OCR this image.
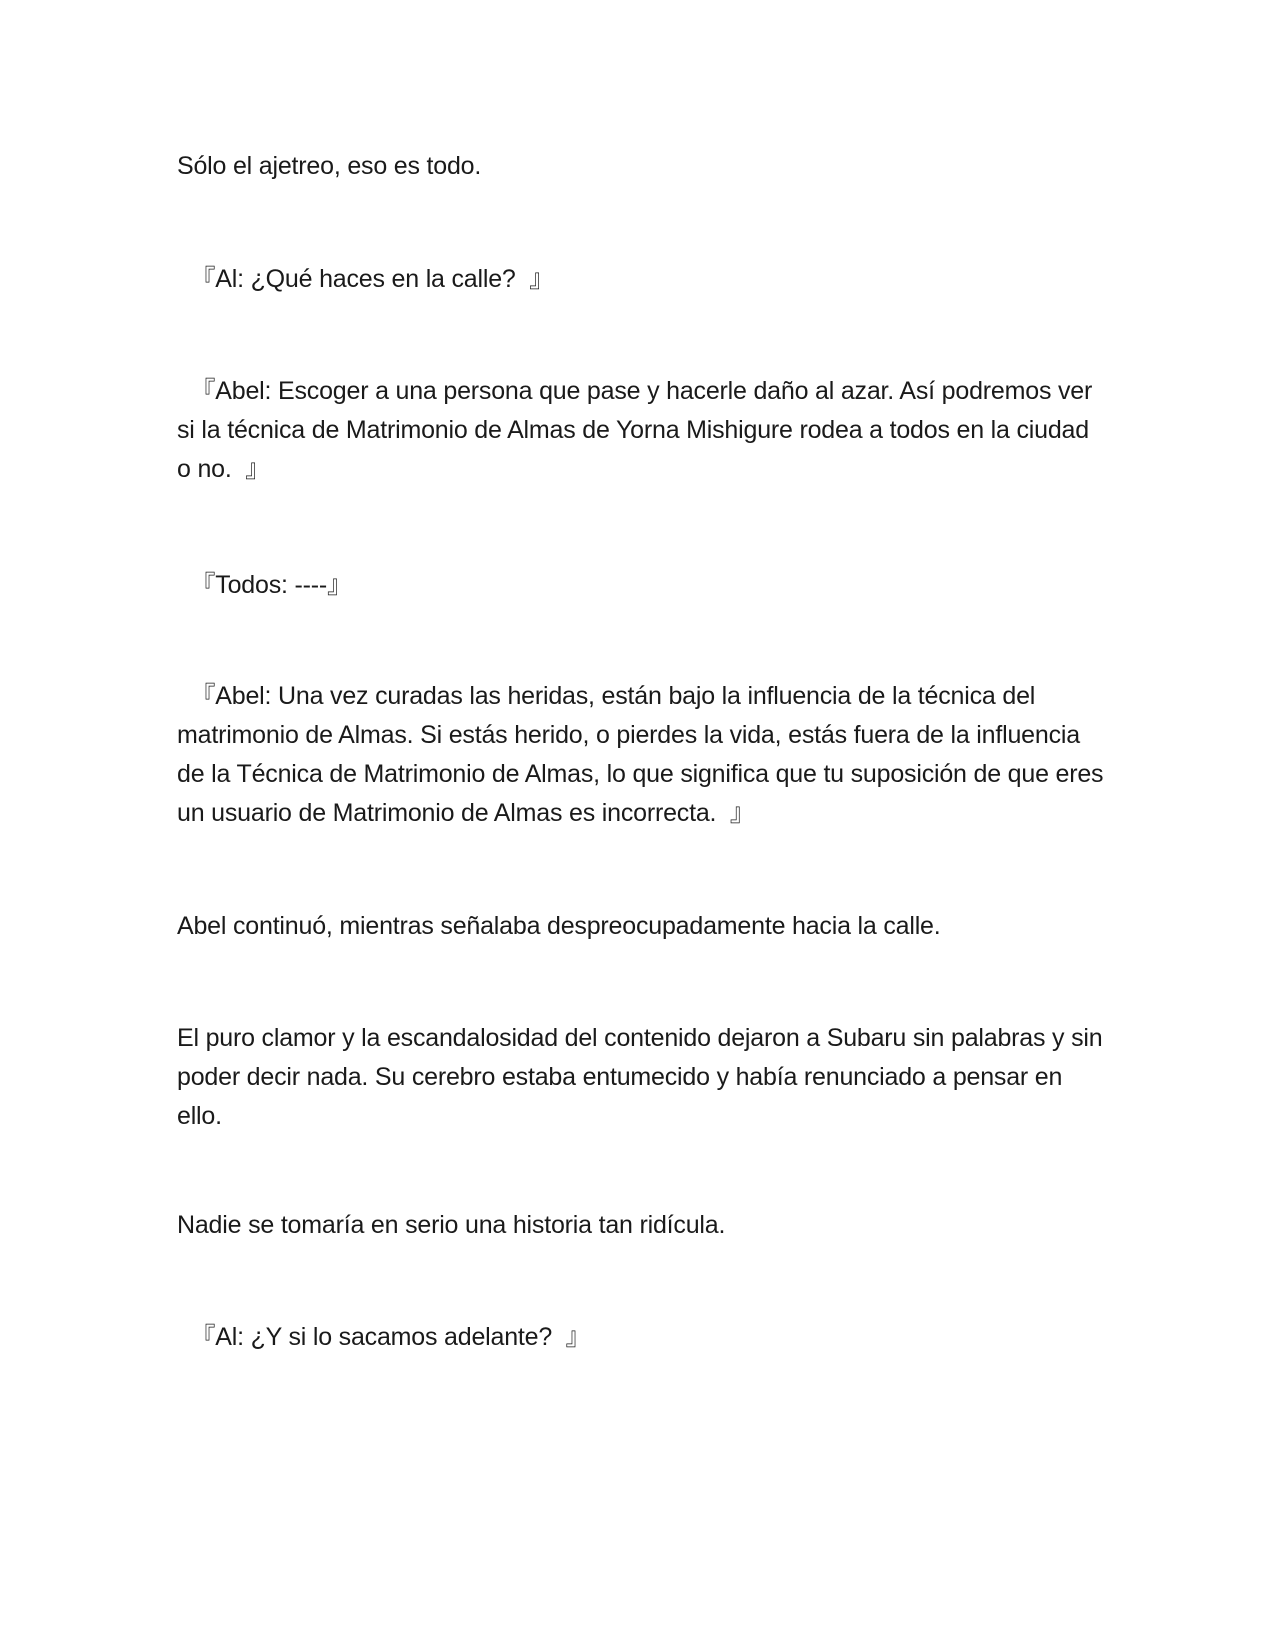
Sólo el ajetreo, eso es todo.

『Al: ¿Qué haces en la calle?  』

『Abel: Escoger a una persona que pase y hacerle daño al azar. Así podremos ver si la técnica de Matrimonio de Almas de Yorna Mishigure rodea a todos en la ciudad o no.  』

『Todos: ----』

『Abel: Una vez curadas las heridas, están bajo la influencia de la técnica del matrimonio de Almas. Si estás herido, o pierdes la vida, estás fuera de la influencia de la Técnica de Matrimonio de Almas, lo que significa que tu suposición de que eres un usuario de Matrimonio de Almas es incorrecta.  』

Abel continuó, mientras señalaba despreocupadamente hacia la calle.

El puro clamor y la escandalosidad del contenido dejaron a Subaru sin palabras y sin poder decir nada. Su cerebro estaba entumecido y había renunciado a pensar en ello.

Nadie se tomaría en serio una historia tan ridícula.

『Al: ¿Y si lo sacamos adelante?  』
